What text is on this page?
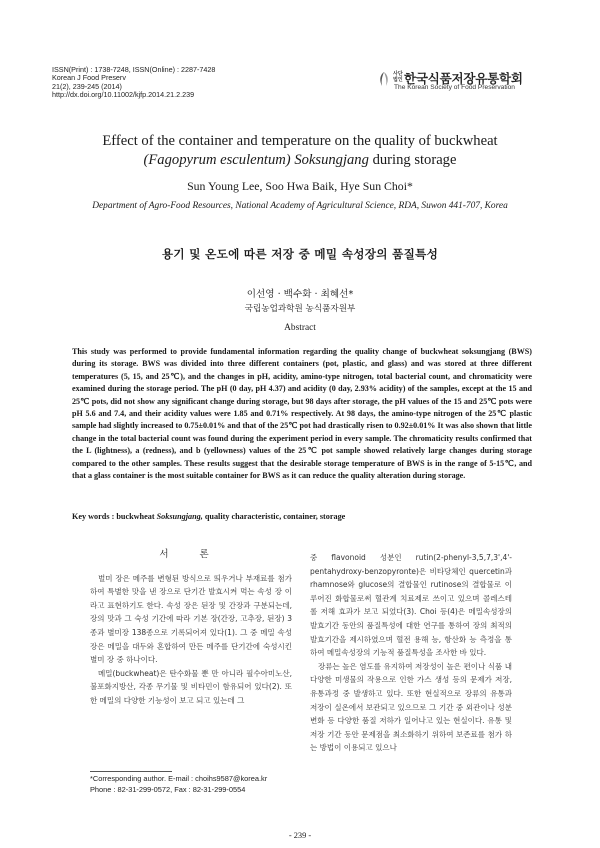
ISSN(Print) : 1738-7248, ISSN(Online) : 2287-7428
Korean J Food Preserv
21(2), 239-245 (2014)
http://dx.doi.org/10.11002/kjfp.2014.21.2.239
사단 법인 한국식품저장유통학회
The Korean Society of Food Preservation
Effect of the container and temperature on the quality of buckwheat
(Fagopyrum esculentum) Soksungjang during storage
Sun Young Lee, Soo Hwa Baik, Hye Sun Choi*
Department of Agro-Food Resources, National Academy of Agricultural Science, RDA, Suwon 441-707, Korea
용기 및 온도에 따른 저장 중 메밀 속성장의 품질특성
이선영 · 백수화 · 최혜선*
국립농업과학원 농식품자원부
Abstract

This study was performed to provide fundamental information regarding the quality change of buckwheat soksungjang (BWS) during its storage. BWS was divided into three different containers (pot, plastic, and glass) and was stored at three different temperatures (5, 15, and 25℃), and the changes in pH, acidity, amino-type nitrogen, total bacterial count, and chromaticity were examined during the storage period. The pH (0 day, pH 4.37) and acidity (0 day, 2.93% acidity) of the samples, except at the 15 and 25℃ pots, did not show any significant change during storage, but 98 days after storage, the pH values of the 15 and 25℃ pots were pH 5.6 and 7.4, and their acidity values were 1.85 and 0.71% respectively. At 98 days, the amino-type nitrogen of the 25℃ plastic sample had slightly increased to 0.75±0.01% and that of the 25℃ pot had drastically risen to 0.92±0.01% It was also shown that little change in the total bacterial count was found during the experiment period in every sample. The chromaticity results confirmed that the L (lightness), a (redness), and b (yellowness) values of the 25℃ pot sample showed relatively large changes during storage compared to the other samples. These results suggest that the desirable storage temperature of BWS is in the range of 5-15℃, and that a glass container is the most suitable container for BWS as it can reduce the quality alteration during storage.

Key words : buckwheat Soksungjang, quality characteristic, container, storage
서 론

벌미 장은 메주를 변형된 방식으로 띄우거나 부재료를 첨가하여 특별한 맛을 낸 장으로 단기간 발효시켜 먹는 속성 장 이라고 표현하기도 한다. 속성 장은 된장 및 간장과 구분되는데, 장의 맛과 그 숙성 기간에 따라 기본 장(간장, 고추장, 된장) 3종과 별미장 138종으로 기록되어져 있다(1). 그 중 메밀 속성 장은 메밀을 대두와 혼합하여 만든 메주를 단기간에 숙성시킨 별미 장 중 하나이다.

메밀(buckwheat)은 탄수화물 뿐 만 아니라 필수아미노산, 불포화지방산, 각종 무기물 및 비타민이 함유되어 있다(2). 또한 메밀의 다양한 기능성이 보고 되고 있는데 그

중 flavonoid 성분인 rutin(2-phenyl-3,5,7,3',4'- pentahydroxy-benzopyronte)은 비타당체인 quercetin과 rhamnose와 glucose의 결합물인 rutinose의 결합물로 이루어진 화합물로써 혈관계 치료제로 쓰이고 있으며 콜레스테롤 저해 효과가 보고 되었다(3). Choi 등(4)은 메밀속성장의 발효기간 동안의 품질특성에 대한 연구를 통하여 장의 최적의 발효기간을 제시하였으며 혈전 용해 능, 항산화 능 측정을 통하여 메밀속성장의 기능적 품질특성을 조사한 바 있다.

장류는 높은 염도를 유지하여 저장성이 높은 편이나 식품 내 다양한 미생물의 작용으로 인한 가스 생성 등의 문제가 저장, 유통과정 중 발생하고 있다. 또한 현실적으로 장류의 유통과 저장이 실온에서 보관되고 있으므로 그 기간 중 외관이나 성분 변화 등 다양한 품질 저하가 일어나고 있는 현실이다. 유통 및 저장 기간 동안 문제점을 최소화하기 위하여 보존료를 첨가 하는 방법이 이용되고 있으나

*Corresponding author. E-mail : choihs9587@korea.kr
Phone : 82-31-299-0572, Fax : 82-31-299-0554
- 239 -
